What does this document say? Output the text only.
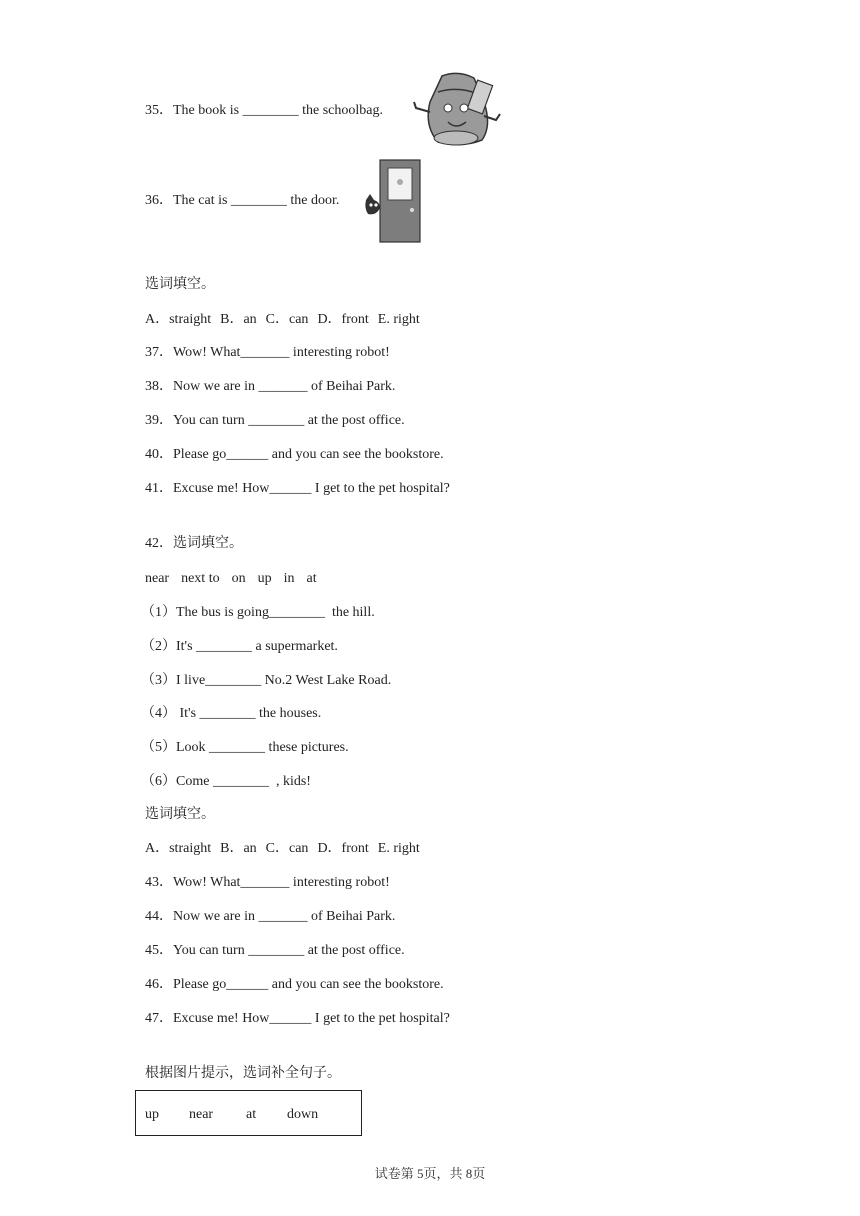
35．The book is ________ the schoolbag.
36．The cat is ________ the door.
选词填空。
A．straight B．an C．can D．front E. right
37．Wow! What_______ interesting robot!
38．Now we are in _______ of Beihai Park.
39．You can turn ________ at the post office.
40．Please go______ and you can see the bookstore.
41．Excuse me! How______ I get to the pet hospital?
42．选词填空。
near next to on up in at
（1）The bus is going________  the hill.
（2）It's ________ a supermarket.
（3）I live________ No.2 West Lake Road.
（4） It's ________ the houses.
（5）Look ________ these pictures.
（6）Come ________  , kids!
选词填空。
A．straight B．an C．can D．front E. right
43．Wow! What_______ interesting robot!
44．Now we are in _______ of Beihai Park.
45．You can turn ________ at the post office.
46．Please go______ and you can see the bookstore.
47．Excuse me! How______ I get to the pet hospital?
根据图片提示，选词补全句子。
up near at down
试卷第 5页，共 8页
